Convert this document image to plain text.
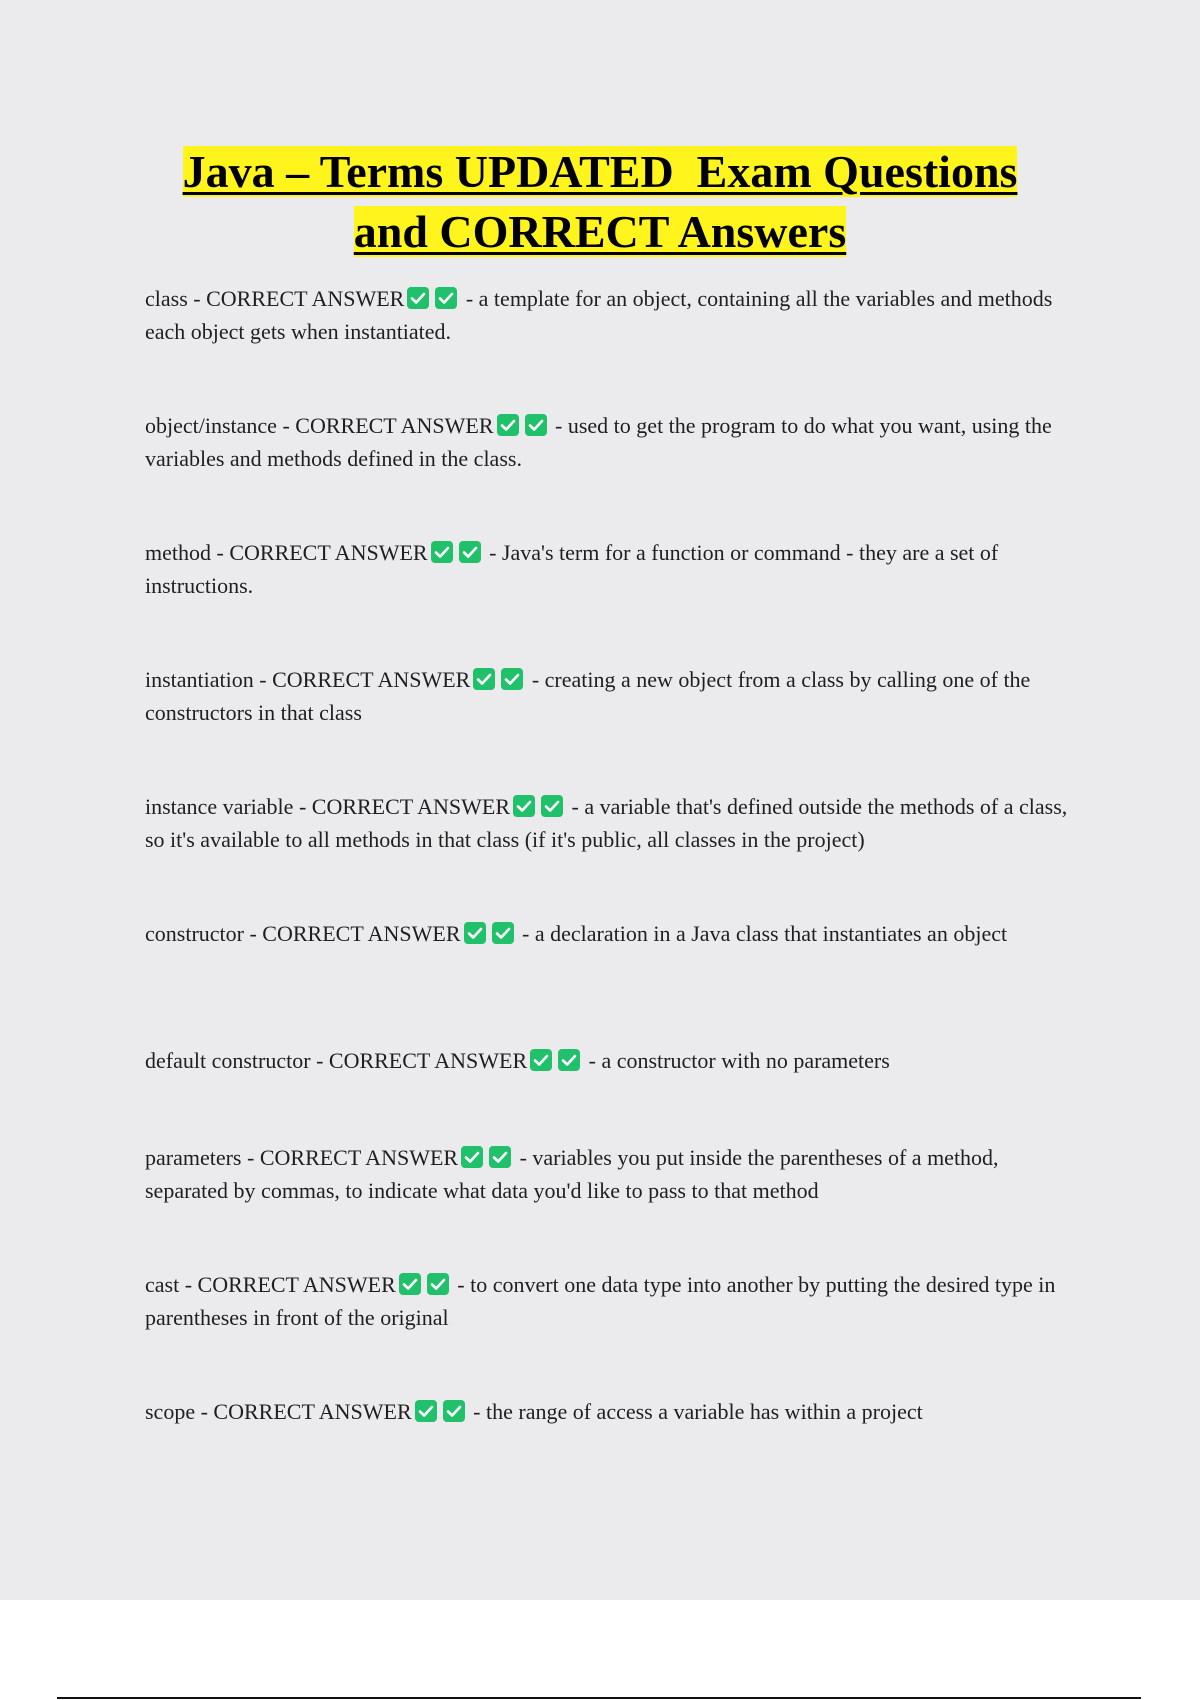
Java – Terms UPDATED  Exam Questions
and CORRECT Answers
class - CORRECT ANSWER	- a template for an object, containing all the variables and methods each object gets when instantiated.
object/instance - CORRECT ANSWER	- used to get the program to do what you want, using the variables and methods defined in the class.
method - CORRECT ANSWER	- Java's term for a function or command - they are a set of instructions.
instantiation - CORRECT ANSWER	- creating a new object from a class by calling one of the constructors in that class
instance variable - CORRECT ANSWER	- a variable that's defined outside the methods of a class, so it's available to all methods in that class (if it's public, all classes in the project)
constructor - CORRECT ANSWER	- a declaration in a Java class that instantiates an object
default constructor - CORRECT ANSWER	- a constructor with no parameters
parameters - CORRECT ANSWER	- variables you put inside the parentheses of a method, separated by commas, to indicate what data you'd like to pass to that method
cast - CORRECT ANSWER	- to convert one data type into another by putting the desired type in parentheses in front of the original
scope - CORRECT ANSWER	- the range of access a variable has within a project
